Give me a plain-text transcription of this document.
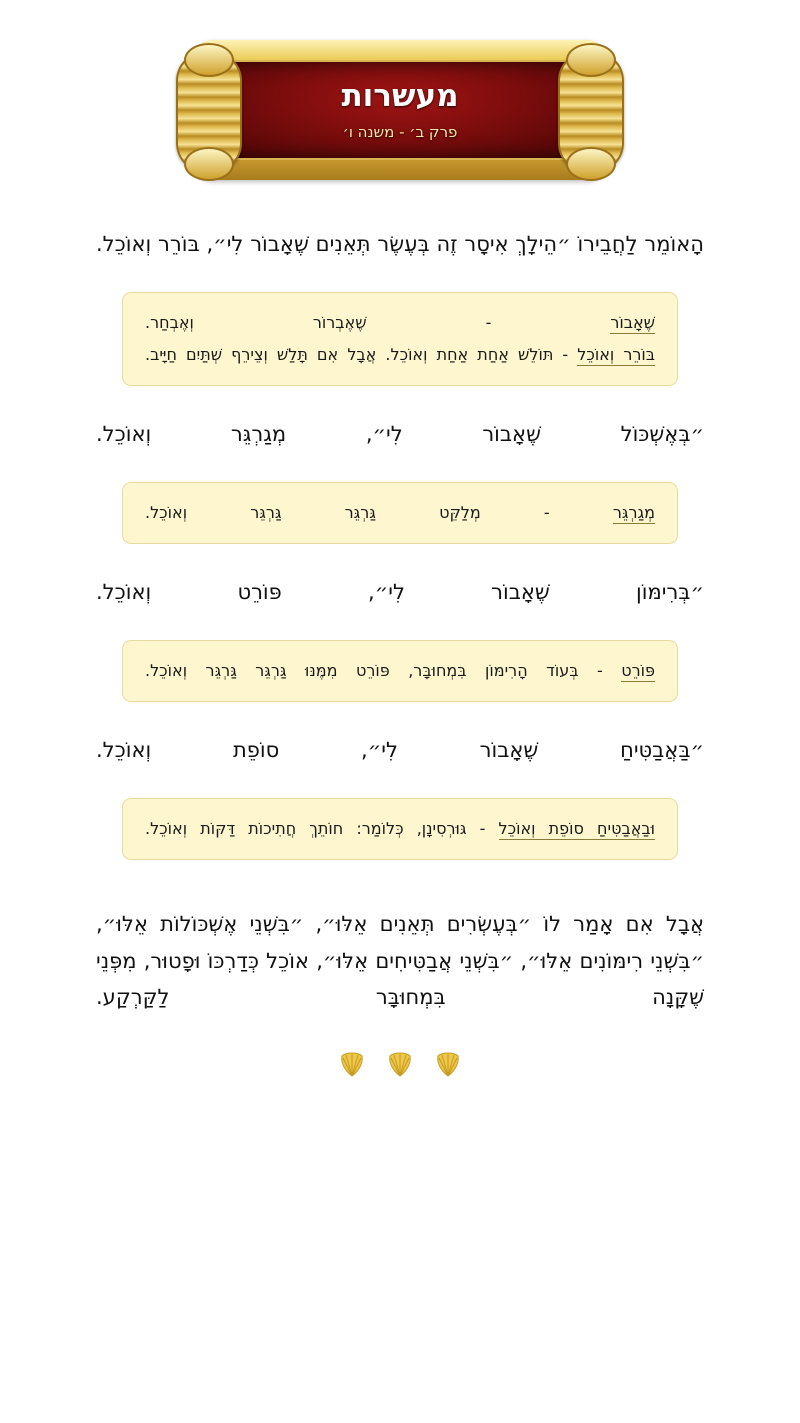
מעשרות
פרק ב׳ - משנה ו׳

הָאוֹמֵר לַחֲבֵירוֹ ״הֵילָךְ אִיסָר זֶה בְּעֶשֶׂר תְּאֵנִים שֶׁאָבוֹר לִי״, בּוֹרֵר וְאוֹכֵל.

שֶׁאָבוֹר - שֶׁאֶבְרוֹר וְאֶבְחַר.

בּוֹרֵר וְאוֹכֵל - תּוֹלֵשׁ אַחַת אַחַת וְאוֹכֵל. אֲבָל אִם תָּלַשׁ וְצֵירֵף שְׁתַּיִם חַיָּיב.

״בְּאֶשְׁכּוֹל שֶׁאָבוֹר לִי״, מְגַרְגֵּר וְאוֹכֵל.

מְגַרְגֵּר - מְלַקֵּט גַּרְגֵּר גַּרְגֵּר וְאוֹכֵל.

״בְּרִימּוֹן שֶׁאָבוֹר לִי״, פּוֹרֵט וְאוֹכֵל.

פּוֹרֵט - בְּעוֹד הָרִימּוֹן בִּמְחוּבָּר, פּוֹרֵט מִמֶּנּוּ גַּרְגֵּר גַּרְגֵּר וְאוֹכֵל.

״בַּאֲבַטִּיחַ שֶׁאָבוֹר לִי״, סוֹפֵת וְאוֹכֵל.

וּבַאֲבַטִּיחַ סוֹפֵת וְאוֹכֵל - גּוּרְסִינָן, כְּלוֹמַר: חוֹתֵךְ חֲתִיכוֹת דַּקּוֹת וְאוֹכֵל.

אֲבָל אִם אָמַר לוֹ ״בְּעֶשְׂרִים תְּאֵנִים אֵלּוּ״, ״בִּשְׁנֵי אֶשְׁכּוֹלוֹת אֵלּוּ״, ״בִּשְׁנֵי רִימּוֹנִים אֵלּוּ״, ״בִּשְׁנֵי אֲבַטִּיחִים אֵלּוּ״, אוֹכֵל כְּדַרְכּוֹ וּפָטוּר, מִפְּנֵי שֶׁקָּנָה בִּמְחוּבָּר לַקַּרְקַע.
